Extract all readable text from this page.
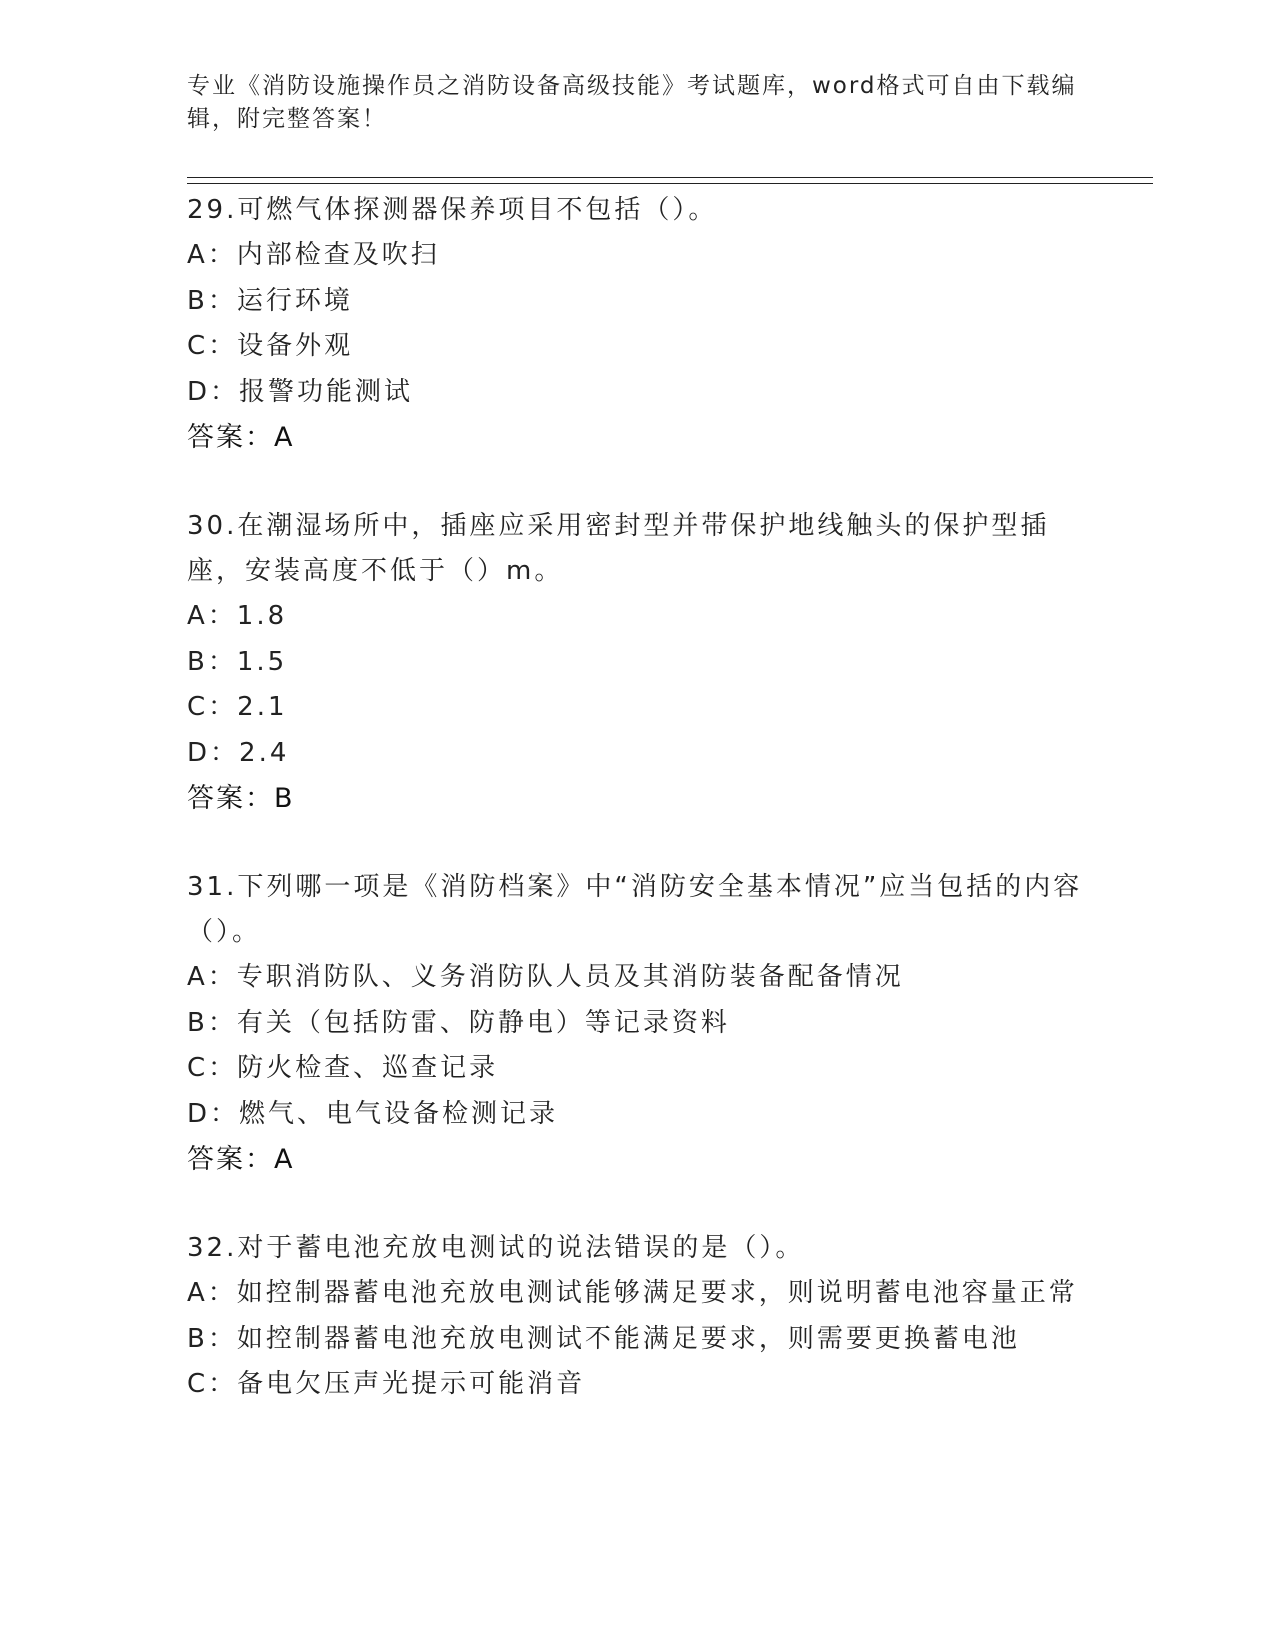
专业《消防设施操作员之消防设备高级技能》考试题库，word格式可自由下载编辑，附完整答案！
29.可燃气体探测器保养项目不包括（）。
A：内部检查及吹扫
B：运行环境
C：设备外观
D：报警功能测试
答案：A
30.在潮湿场所中，插座应采用密封型并带保护地线触头的保护型插座，安装高度不低于（）m。
A：1.8
B：1.5
C：2.1
D：2.4
答案：B
31.下列哪一项是《消防档案》中“消防安全基本情况”应当包括的内容（）。
A：专职消防队、义务消防队人员及其消防装备配备情况
B：有关（包括防雷、防静电）等记录资料
C：防火检查、巡查记录
D：燃气、电气设备检测记录
答案：A
32.对于蓄电池充放电测试的说法错误的是（）。
A：如控制器蓄电池充放电测试能够满足要求，则说明蓄电池容量正常
B：如控制器蓄电池充放电测试不能满足要求，则需要更换蓄电池
C：备电欠压声光提示可能消音
